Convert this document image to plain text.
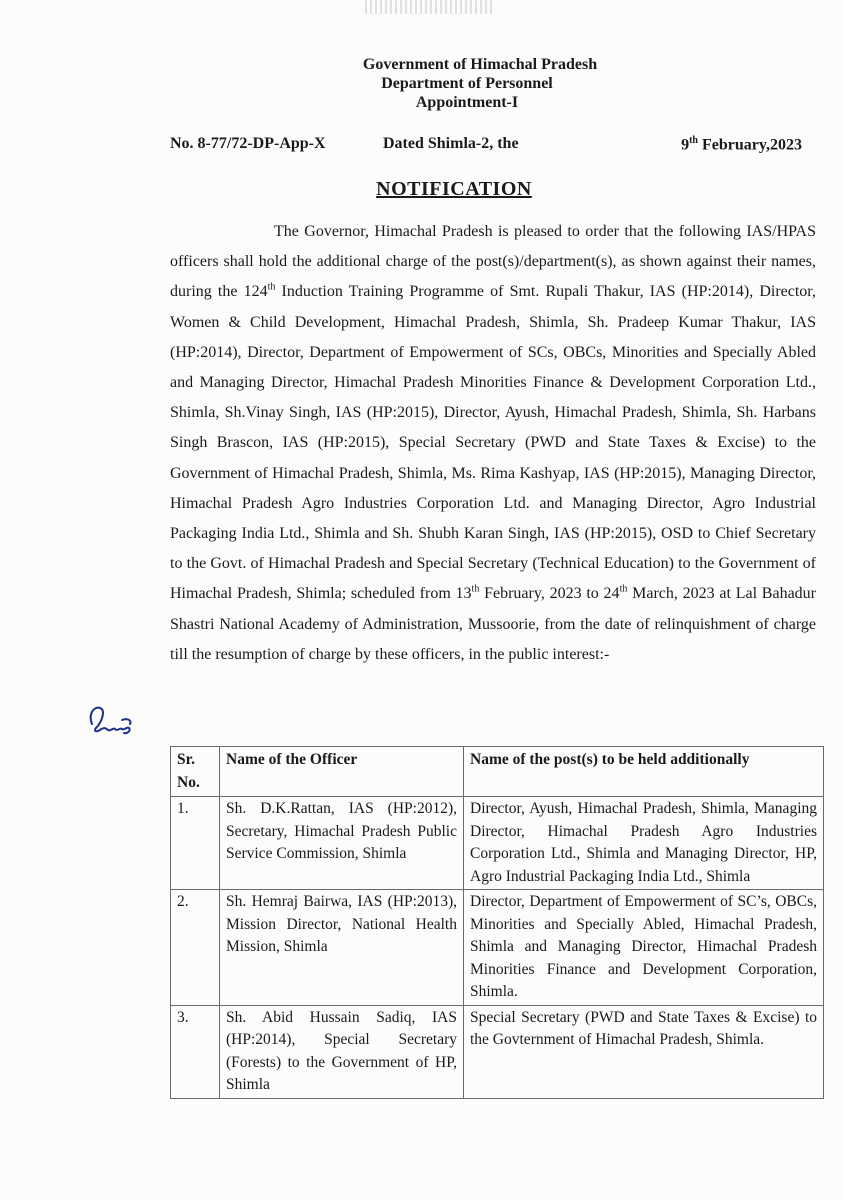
Government of Himachal Pradesh
Department of Personnel
Appointment-I
No. 8-77/72-DP-App-X	Dated Shimla-2, the	9th February,2023
NOTIFICATION
The Governor, Himachal Pradesh is pleased to order that the following IAS/HPAS officers shall hold the additional charge of the post(s)/department(s), as shown against their names, during the 124th Induction Training Programme of Smt. Rupali Thakur, IAS (HP:2014), Director, Women & Child Development, Himachal Pradesh, Shimla, Sh. Pradeep Kumar Thakur, IAS (HP:2014), Director, Department of Empowerment of SCs, OBCs, Minorities and Specially Abled and Managing Director, Himachal Pradesh Minorities Finance & Development Corporation Ltd., Shimla, Sh.Vinay Singh, IAS (HP:2015), Director, Ayush, Himachal Pradesh, Shimla, Sh. Harbans Singh Brascon, IAS (HP:2015), Special Secretary (PWD and State Taxes & Excise) to the Government of Himachal Pradesh, Shimla, Ms. Rima Kashyap, IAS (HP:2015), Managing Director, Himachal Pradesh Agro Industries Corporation Ltd. and Managing Director, Agro Industrial Packaging India Ltd., Shimla and Sh. Shubh Karan Singh, IAS (HP:2015), OSD to Chief Secretary to the Govt. of Himachal Pradesh and Special Secretary (Technical Education) to the Government of Himachal Pradesh, Shimla; scheduled from 13th February, 2023 to 24th March, 2023 at Lal Bahadur Shastri National Academy of Administration, Mussoorie, from the date of relinquishment of charge till the resumption of charge by these officers, in the public interest:-
Sr. No.	Name of the Officer	Name of the post(s) to be held additionally
1.	Sh. D.K.Rattan, IAS (HP:2012), Secretary, Himachal Pradesh Public Service Commission, Shimla	Director, Ayush, Himachal Pradesh, Shimla, Managing Director, Himachal Pradesh Agro Industries Corporation Ltd., Shimla and Managing Director, HP, Agro Industrial Packaging India Ltd., Shimla
2.	Sh. Hemraj Bairwa, IAS (HP:2013), Mission Director, National Health Mission, Shimla	Director, Department of Empowerment of SC’s, OBCs, Minorities and Specially Abled, Himachal Pradesh, Shimla and Managing Director, Himachal Pradesh Minorities Finance and Development Corporation, Shimla.
3.	Sh. Abid Hussain Sadiq, IAS (HP:2014), Special Secretary (Forests) to the Government of HP, Shimla	Special Secretary (PWD and State Taxes & Excise) to the Govternment of Himachal Pradesh, Shimla.
